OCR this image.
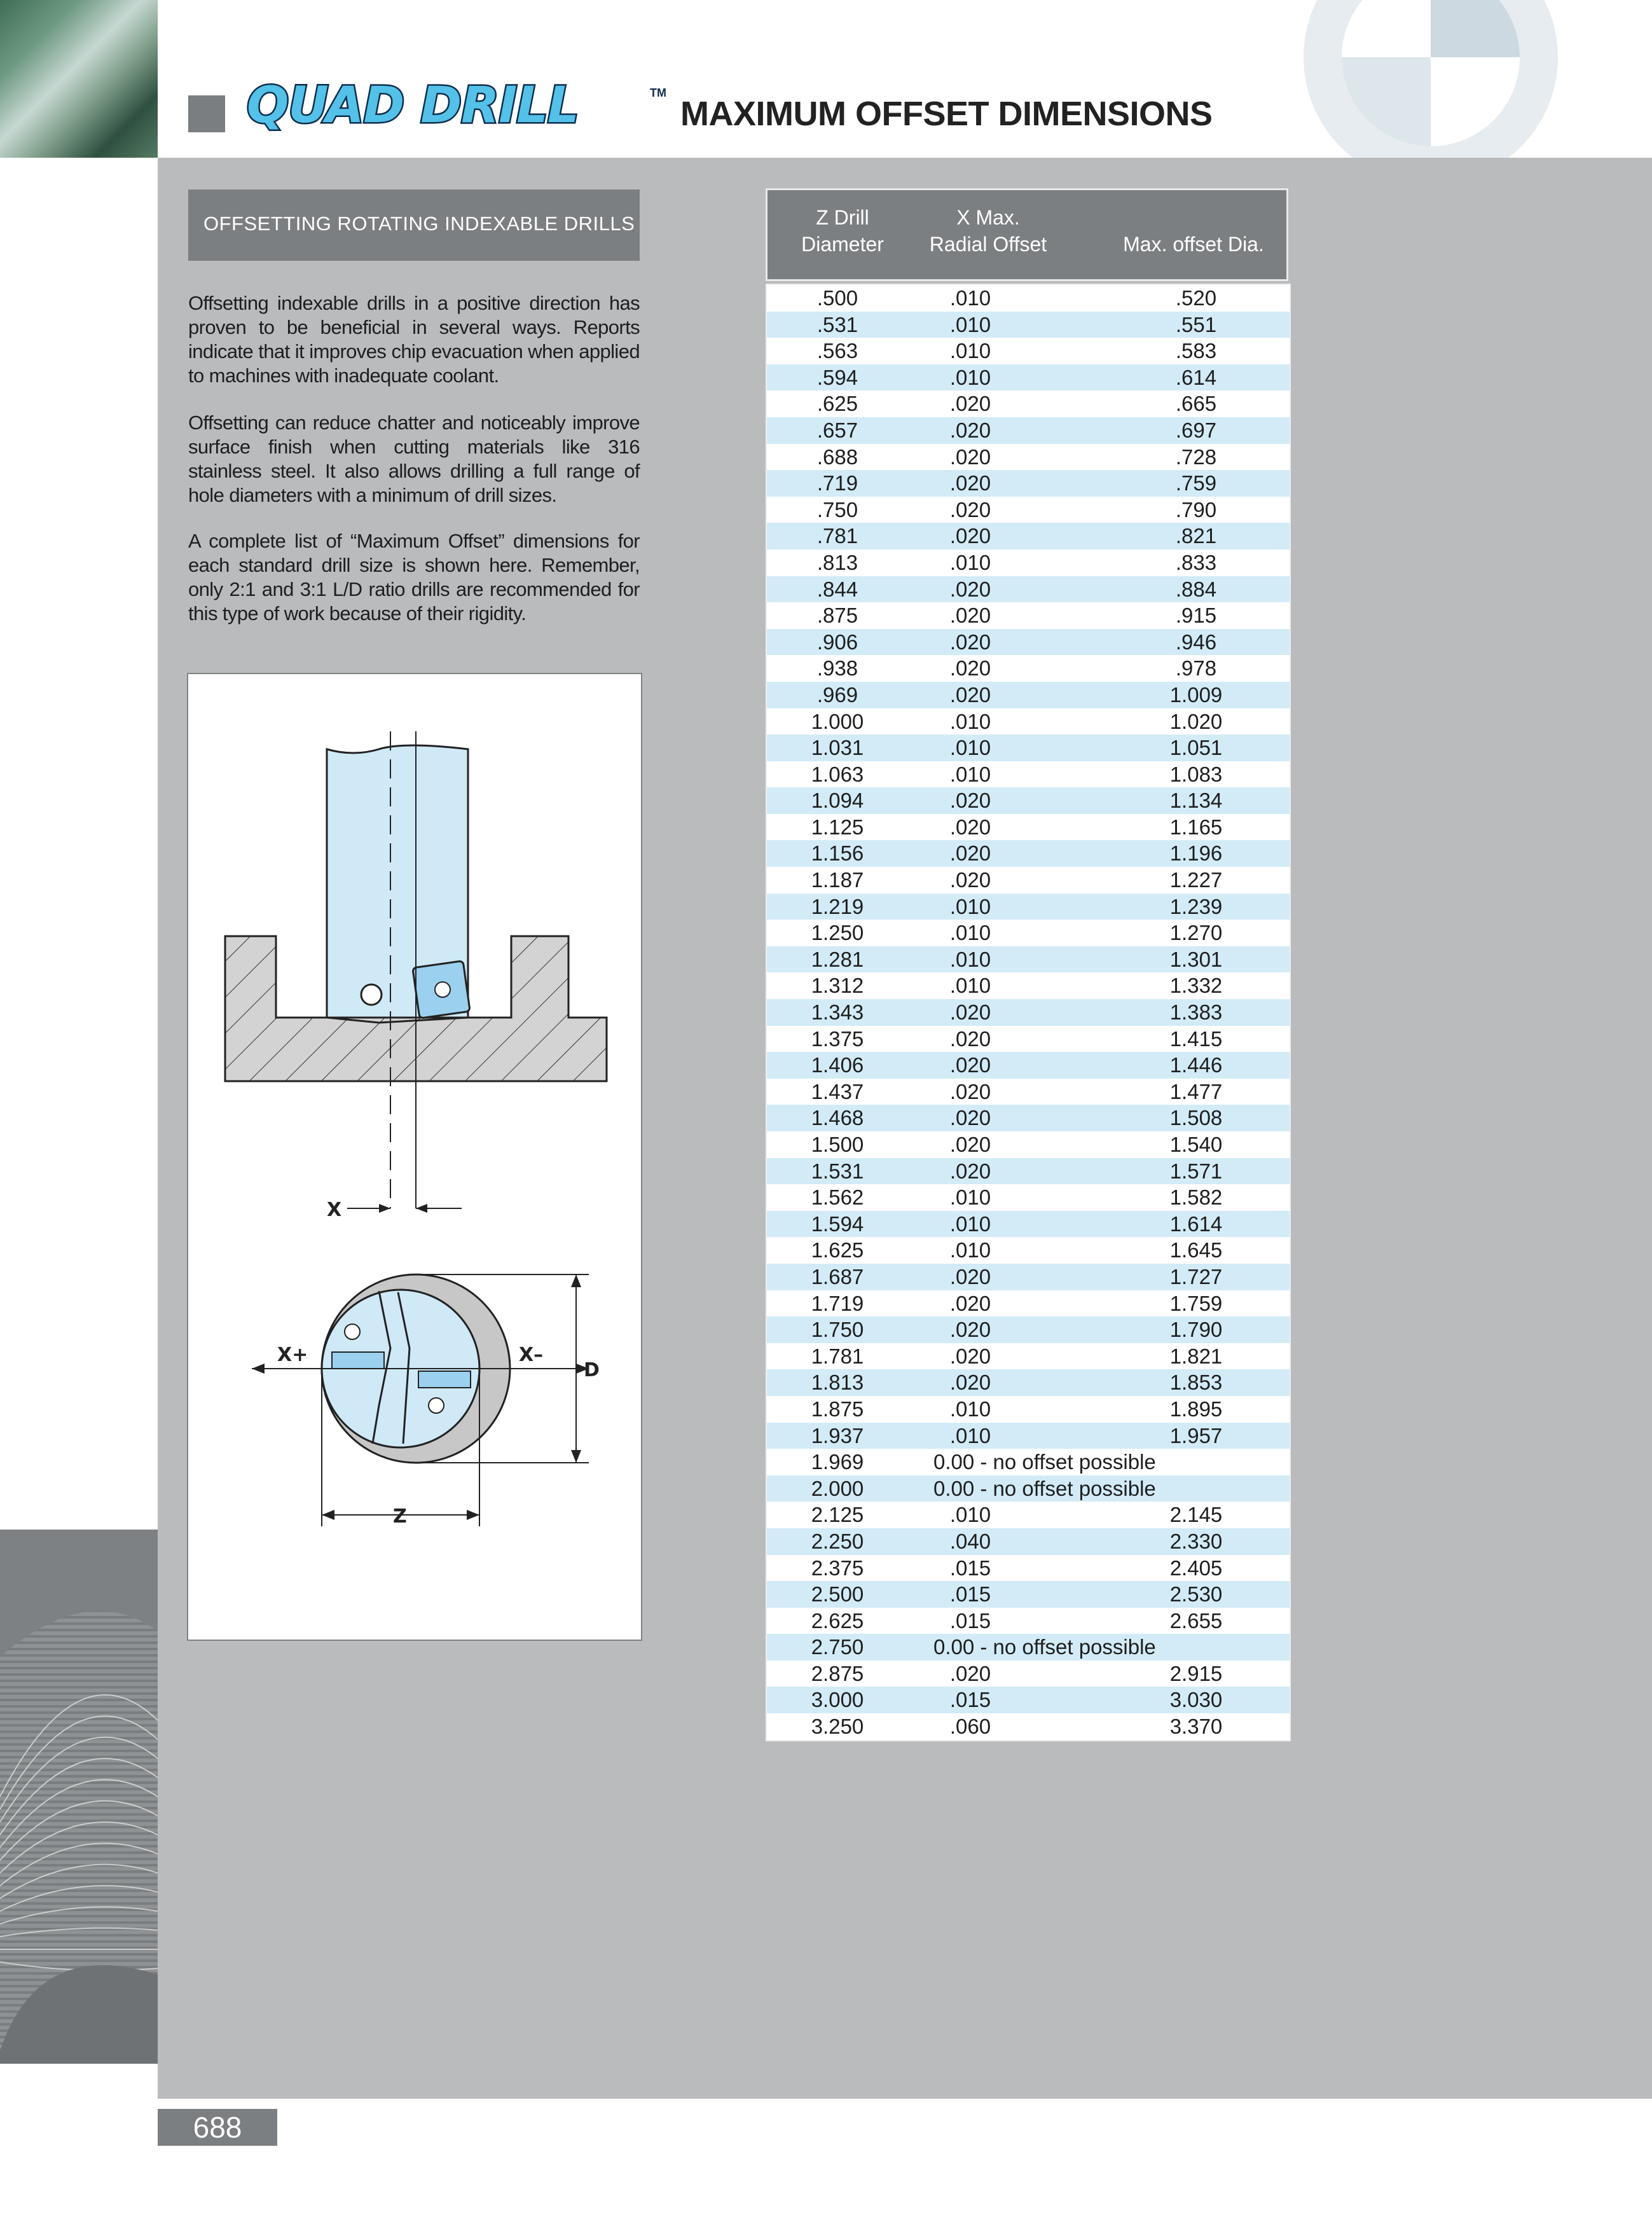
QUAD DRILL	TM
MAXIMUM OFFSET DIMENSIONS
OFFSETTING ROTATING INDEXABLE DRILLS
Offsetting indexable drills in a positive direction has proven to be beneficial in several ways. Reports indicate that it improves chip evacuation when applied to machines with inadequate coolant.
Offsetting can reduce chatter and noticeably improve surface finish when cutting materials like 316 stainless steel. It also allows drilling a full range of hole diameters with a minimum of drill sizes.
A complete list of “Maximum Offset” dimensions for each standard drill size is shown here. Remember, only 2:1 and 3:1 L/D ratio drills are recommended for this type of work because of their rigidity.
X
X+	X–
D
Z
Z Drill
Diameter
X Max.
Radial Offset	Max. offset Dia.
.500	.010	.520
.531	.010	.551
.563	.010	.583
.594	.010	.614
.625	.020	.665
.657	.020	.697
.688	.020	.728
.719	.020	.759
.750	.020	.790
.781	.020	.821
.813	.010	.833
.844	.020	.884
.875	.020	.915
.906	.020	.946
.938	.020	.978
.969	.020	1.009
1.000	.010	1.020
1.031	.010	1.051
1.063	.010	1.083
1.094	.020	1.134
1.125	.020	1.165
1.156	.020	1.196
1.187	.020	1.227
1.219	.010	1.239
1.250	.010	1.270
1.281	.010	1.301
1.312	.010	1.332
1.343	.020	1.383
1.375	.020	1.415
1.406	.020	1.446
1.437	.020	1.477
1.468	.020	1.508
1.500	.020	1.540
1.531	.020	1.571
1.562	.010	1.582
1.594	.010	1.614
1.625	.010	1.645
1.687	.020	1.727
1.719	.020	1.759
1.750	.020	1.790
1.781	.020	1.821
1.813	.020	1.853
1.875	.010	1.895
1.937	.010	1.957
1.969	0.00 - no offset possible
2.000	0.00 - no offset possible
2.125	.010	2.145
2.250	.040	2.330
2.375	.015	2.405
2.500	.015	2.530
2.625	.015	2.655
2.750	0.00 - no offset possible
2.875	.020	2.915
3.000	.015	3.030
3.250	.060	3.370
688
